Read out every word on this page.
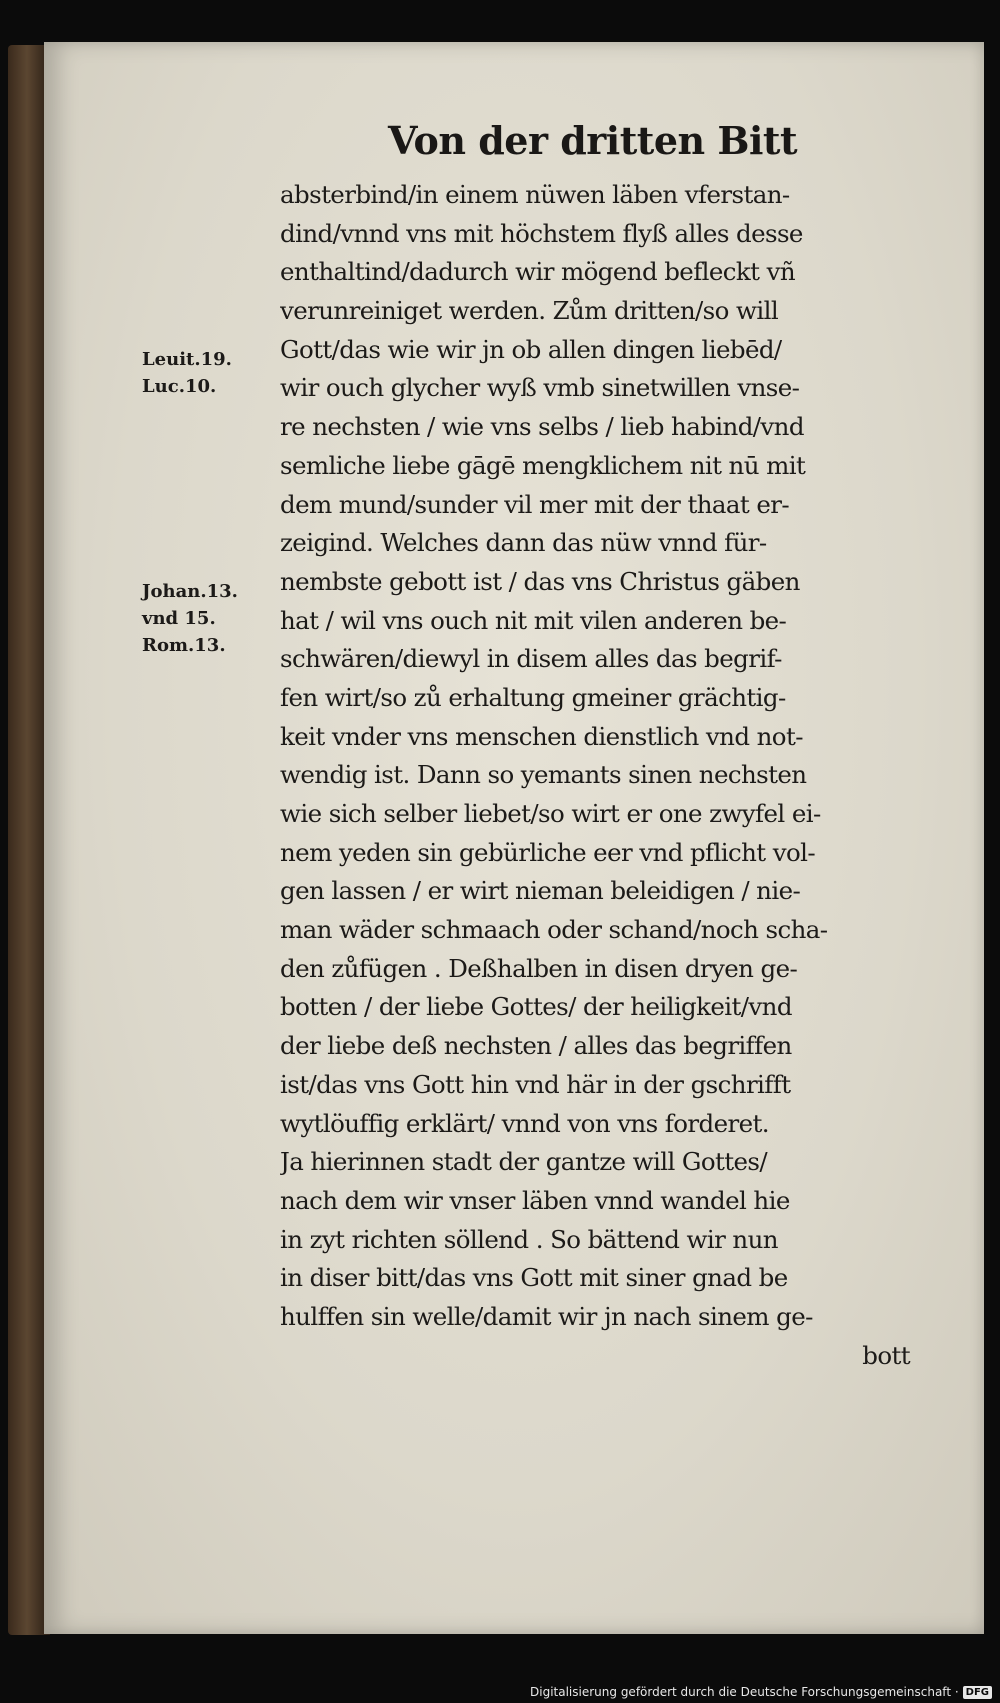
Von der dritten Bitt
absterbind/in einem nüwen läben vferstan-
dind/vnnd vns mit höchstem flyß alles desse
enthaltind/dadurch wir mögend befleckt vñ
verunreiniget werden. Zům dritten/so will
Gott/das wie wir jn ob allen dingen liebēd/
wir ouch glycher wyß vmb sinetwillen vnse-
re nechsten / wie vns selbs / lieb habind/vnd
semliche liebe gāgē mengklichem nit nū mit
dem mund/sunder vil mer mit der thaat er-
zeigind. Welches dann das nüw vnnd für-
nembste gebott ist / das vns Christus gäben
hat / wil vns ouch nit mit vilen anderen be-
schwären/diewyl in disem alles das begrif-
fen wirt/so zů erhaltung gmeiner grächtig-
keit vnder vns menschen dienstlich vnd not-
wendig ist. Dann so yemants sinen nechsten
wie sich selber liebet/so wirt er one zwyfel ei-
nem yeden sin gebürliche eer vnd pflicht vol-
gen lassen / er wirt nieman beleidigen / nie-
man wäder schmaach oder schand/noch scha-
den zůfügen . Deßhalben in disen dryen ge-
botten / der liebe Gottes/ der heiligkeit/vnd
der liebe deß nechsten / alles das begriffen
ist/das vns Gott hin vnd här in der gschrifft
wytlöuffig erklärt/ vnnd von vns forderet.
Ja hierinnen stadt der gantze will Gottes/
nach dem wir vnser läben vnnd wandel hie
in zyt richten söllend . So bättend wir nun
in diser bitt/das vns Gott mit siner gnad be
hulffen sin welle/damit wir jn nach sinem ge-
bott
Leuit.19.
Luc.10.
Johan.13.
vnd 15.
Rom.13.
Digitalisierung gefördert durch die Deutsche Forschungsgemeinschaft · DFG
